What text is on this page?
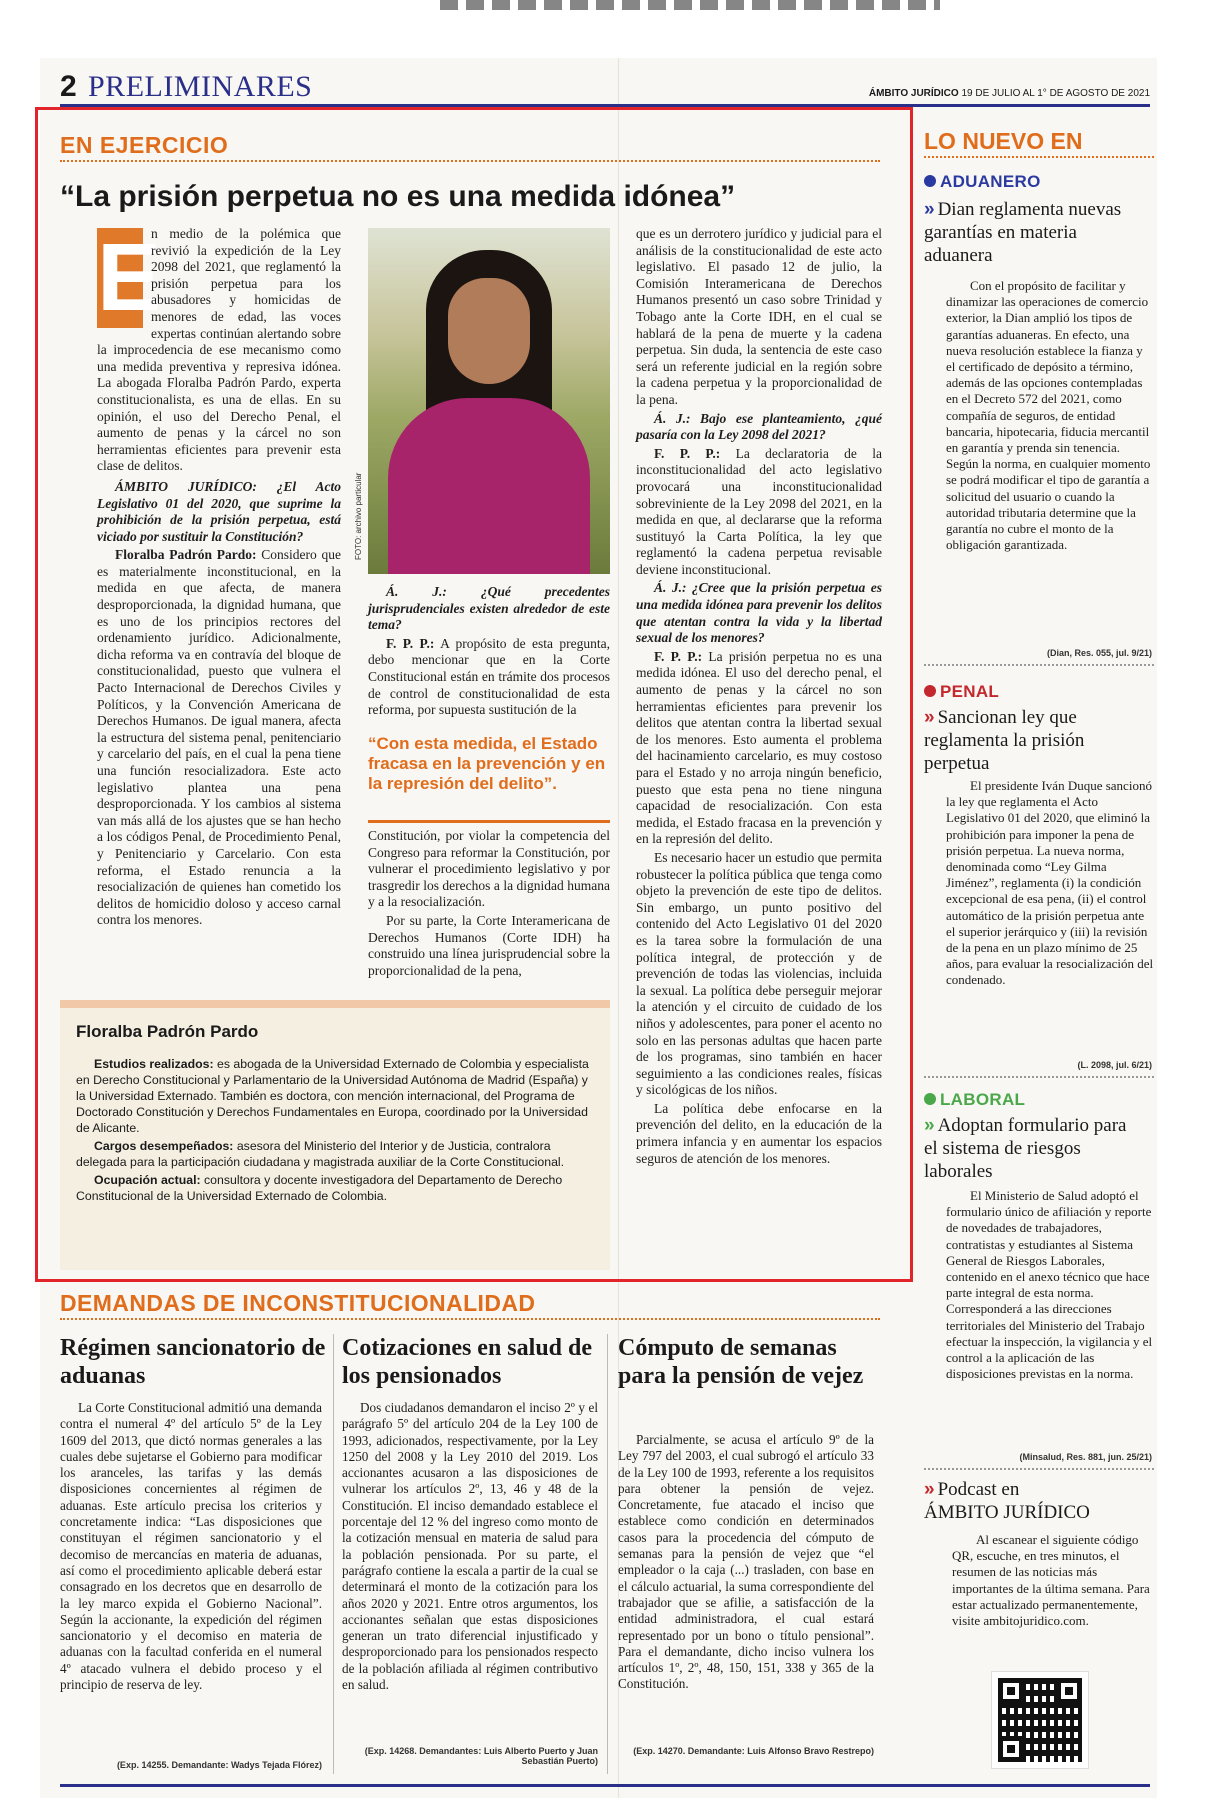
2 PRELIMINARES	ÁMBITO JURÍDICO 19 DE JULIO AL 1° DE AGOSTO DE 2021
EN EJERCICIO
“La prisión perpetua no es una medida idónea”
E

n medio de la polémica que revivió la expedición de la Ley 2098 del 2021, que reglamentó la prisión perpetua para los abusadores y homicidas de menores de edad, las voces expertas continúan alertando sobre la improcedencia de ese mecanismo como una medida preventiva y represiva idónea. La abogada Floralba Padrón Pardo, experta constitucionalista, es una de ellas. En su opinión, el uso del Derecho Penal, el aumento de penas y la cárcel no son herramientas eficientes para prevenir esta clase de delitos.

ÁMBITO JURÍDICO: ¿El Acto Legislativo 01 del 2020, que suprime la prohibición de la prisión perpetua, está viciado por sustituir la Constitución?

Floralba Padrón Pardo: Considero que es materialmente inconstitucional, en la medida en que afecta, de manera desproporcionada, la dignidad humana, que es uno de los principios rectores del ordenamiento jurídico. Adicionalmente, dicha reforma va en contravía del bloque de constitucionalidad, puesto que vulnera el Pacto Internacional de Derechos Civiles y Políticos, y la Convención Americana de Derechos Humanos. De igual manera, afecta la estructura del sistema penal, penitenciario y carcelario del país, en el cual la pena tiene una función resocializadora. Este acto legislativo plantea una pena desproporcionada. Y los cambios al sistema van más allá de los ajustes que se han hecho a los códigos Penal, de Procedimiento Penal, y Penitenciario y Carcelario. Con esta reforma, el Estado renuncia a la resocialización de quienes han cometido los delitos de homicidio doloso y acceso carnal contra los menores.

FOTO: archivo particular

Á. J.: ¿Qué precedentes jurisprudenciales existen alrededor de este tema?

F. P. P.: A propósito de esta pregunta, debo mencionar que en la Corte Constitucional están en trámite dos procesos de control de constitucionalidad de esta reforma, por supuesta sustitución de la

“Con esta medida, el Estado fracasa en la prevención y en la represión del delito”.

Constitución, por violar la competencia del Congreso para reformar la Constitución, por vulnerar el procedimiento legislativo y por trasgredir los derechos a la dignidad humana y a la resocialización.

Por su parte, la Corte Interamericana de Derechos Humanos (Corte IDH) ha construido una línea jurisprudencial sobre la proporcionalidad de la pena,

que es un derrotero jurídico y judicial para el análisis de la constitucionalidad de este acto legislativo. El pasado 12 de julio, la Comisión Interamericana de Derechos Humanos presentó un caso sobre Trinidad y Tobago ante la Corte IDH, en el cual se hablará de la pena de muerte y la cadena perpetua. Sin duda, la sentencia de este caso será un referente judicial en la región sobre la cadena perpetua y la proporcionalidad de la pena.

Á. J.: Bajo ese planteamiento, ¿qué pasaría con la Ley 2098 del 2021?

F. P. P.: La declaratoria de la inconstitucionalidad del acto legislativo provocará una inconstitucionalidad sobreviniente de la Ley 2098 del 2021, en la medida en que, al declararse que la reforma sustituyó la Carta Política, la ley que reglamentó la cadena perpetua revisable deviene inconstitucional.

Á. J.: ¿Cree que la prisión perpetua es una medida idónea para prevenir los delitos que atentan contra la vida y la libertad sexual de los menores?

F. P. P.: La prisión perpetua no es una medida idónea. El uso del derecho penal, el aumento de penas y la cárcel no son herramientas eficientes para prevenir los delitos que atentan contra la libertad sexual de los menores. Esto aumenta el problema del hacinamiento carcelario, es muy costoso para el Estado y no arroja ningún beneficio, puesto que esta pena no tiene ninguna capacidad de resocialización. Con esta medida, el Estado fracasa en la prevención y en la represión del delito.

Es necesario hacer un estudio que permita robustecer la política pública que tenga como objeto la prevención de este tipo de delitos. Sin embargo, un punto positivo del contenido del Acto Legislativo 01 del 2020 es la tarea sobre la formulación de una política integral, de protección y de prevención de todas las violencias, incluida la sexual. La política debe perseguir mejorar la atención y el circuito de cuidado de los niños y adolescentes, para poner el acento no solo en las personas adultas que hacen parte de los programas, sino también en hacer seguimiento a las condiciones reales, físicas y sicológicas de los niños.

La política debe enfocarse en la prevención del delito, en la educación de la primera infancia y en aumentar los espacios seguros de atención de los menores.

Floralba Padrón Pardo

Estudios realizados: es abogada de la Universidad Externado de Colombia y especialista en Derecho Constitucional y Parlamentario de la Universidad Autónoma de Madrid (España) y la Universidad Externado. También es doctora, con mención internacional, del Programa de Doctorado Constitución y Derechos Fundamentales en Europa, coordinado por la Universidad de Alicante.

Cargos desempeñados: asesora del Ministerio del Interior y de Justicia, contralora delegada para la participación ciudadana y magistrada auxiliar de la Corte Constitucional.

Ocupación actual: consultora y docente investigadora del Departamento de Derecho Constitucional de la Universidad Externado de Colombia.

LO NUEVO EN
ADUANERO
» Dian reglamenta nuevas garantías en materia aduanera

Con el propósito de facilitar y dinamizar las operaciones de comercio exterior, la Dian amplió los tipos de garantías aduaneras. En efecto, una nueva resolución establece la fianza y el certificado de depósito a término, además de las opciones contempladas en el Decreto 572 del 2021, como compañía de seguros, de entidad bancaria, hipotecaria, fiducia mercantil en garantía y prenda sin tenencia. Según la norma, en cualquier momento se podrá modificar el tipo de garantía a solicitud del usuario o cuando la autoridad tributaria determine que la garantía no cubre el monto de la obligación garantizada.

(Dian, Res. 055, jul. 9/21)
PENAL
» Sancionan ley que reglamenta la prisión perpetua

El presidente Iván Duque sancionó la ley que reglamenta el Acto Legislativo 01 del 2020, que eliminó la prohibición para imponer la pena de prisión perpetua. La nueva norma, denominada como “Ley Gilma Jiménez”, reglamenta (i) la condición excepcional de esa pena, (ii) el control automático de la prisión perpetua ante el superior jerárquico y (iii) la revisión de la pena en un plazo mínimo de 25 años, para evaluar la resocialización del condenado.

(L. 2098, jul. 6/21)
LABORAL
» Adoptan formulario para el sistema de riesgos laborales

El Ministerio de Salud adoptó el formulario único de afiliación y reporte de novedades de trabajadores, contratistas y estudiantes al Sistema General de Riesgos Laborales, contenido en el anexo técnico que hace parte integral de esta norma. Corresponderá a las direcciones territoriales del Ministerio del Trabajo efectuar la inspección, la vigilancia y el control a la aplicación de las disposiciones previstas en la norma.

(Minsalud, Res. 881, jun. 25/21)
» Podcast en
ÁMBITO JURÍDICO

Al escanear el siguiente código QR, escuche, en tres minutos, el resumen de las noticias más importantes de la última semana. Para estar actualizado permanentemente, visite ambitojuridico.com.

DEMANDAS DE INCONSTITUCIONALIDAD
Régimen sancionatorio de aduanas

La Corte Constitucional admitió una demanda contra el numeral 4º del artículo 5º de la Ley 1609 del 2013, que dictó normas generales a las cuales debe sujetarse el Gobierno para modificar los aranceles, las tarifas y las demás disposiciones concernientes al régimen de aduanas. Este artículo precisa los criterios y concretamente indica: “Las disposiciones que constituyan el régimen sancionatorio y el decomiso de mercancías en materia de aduanas, así como el procedimiento aplicable deberá estar consagrado en los decretos que en desarrollo de la ley marco expida el Gobierno Nacional”. Según la accionante, la expedición del régimen sancionatorio y el decomiso en materia de aduanas con la facultad conferida en el numeral 4º atacado vulnera el debido proceso y el principio de reserva de ley.

(Exp. 14255. Demandante: Wadys Tejada Flórez)
Cotizaciones en salud de los pensionados

Dos ciudadanos demandaron el inciso 2º y el parágrafo 5º del artículo 204 de la Ley 100 de 1993, adicionados, respectivamente, por la Ley 1250 del 2008 y la Ley 2010 del 2019. Los accionantes acusaron a las disposiciones de vulnerar los artículos 2º, 13, 46 y 48 de la Constitución. El inciso demandado establece el porcentaje del 12 % del ingreso como monto de la cotización mensual en materia de salud para la población pensionada. Por su parte, el parágrafo contiene la escala a partir de la cual se determinará el monto de la cotización para los años 2020 y 2021. Entre otros argumentos, los accionantes señalan que estas disposiciones generan un trato diferencial injustificado y desproporcionado para los pensionados respecto de la población afiliada al régimen contributivo en salud.

(Exp. 14268. Demandantes: Luis Alberto Puerto y Juan Sebastián Puerto)
Cómputo de semanas para la pensión de vejez

Parcialmente, se acusa el artículo 9º de la Ley 797 del 2003, el cual subrogó el artículo 33 de la Ley 100 de 1993, referente a los requisitos para obtener la pensión de vejez. Concretamente, fue atacado el inciso que establece como condición en determinados casos para la procedencia del cómputo de semanas para la pensión de vejez que “el empleador o la caja (...) trasladen, con base en el cálculo actuarial, la suma correspondiente del trabajador que se afilie, a satisfacción de la entidad administradora, el cual estará representado por un bono o título pensional”. Para el demandante, dicho inciso vulnera los artículos 1º, 2º, 48, 150, 151, 338 y 365 de la Constitución.

(Exp. 14270. Demandante: Luis Alfonso Bravo Restrepo)
